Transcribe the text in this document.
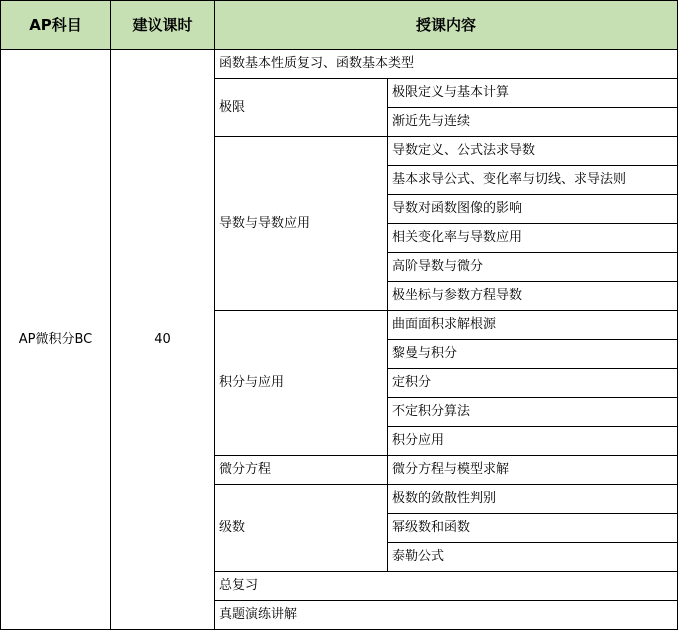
AP科目	建议课时	授课内容	
AP微积分BC	40	函数基本性质复习、函数基本类型	
		极限	极限定义与基本计算
			渐近先与连续
		导数与导数应用	导数定义、公式法求导数
			基本求导公式、变化率与切线、求导法则
			导数对函数图像的影响
			相关变化率与导数应用
			高阶导数与微分
			极坐标与参数方程导数
		积分与应用	曲面面积求解根源
			黎曼与积分
			定积分
			不定积分算法
			积分应用
		微分方程	微分方程与模型求解
		级数	极数的敛散性判别
			幂级数和函数
			泰勒公式
		总复习	
		真题演练讲解	
